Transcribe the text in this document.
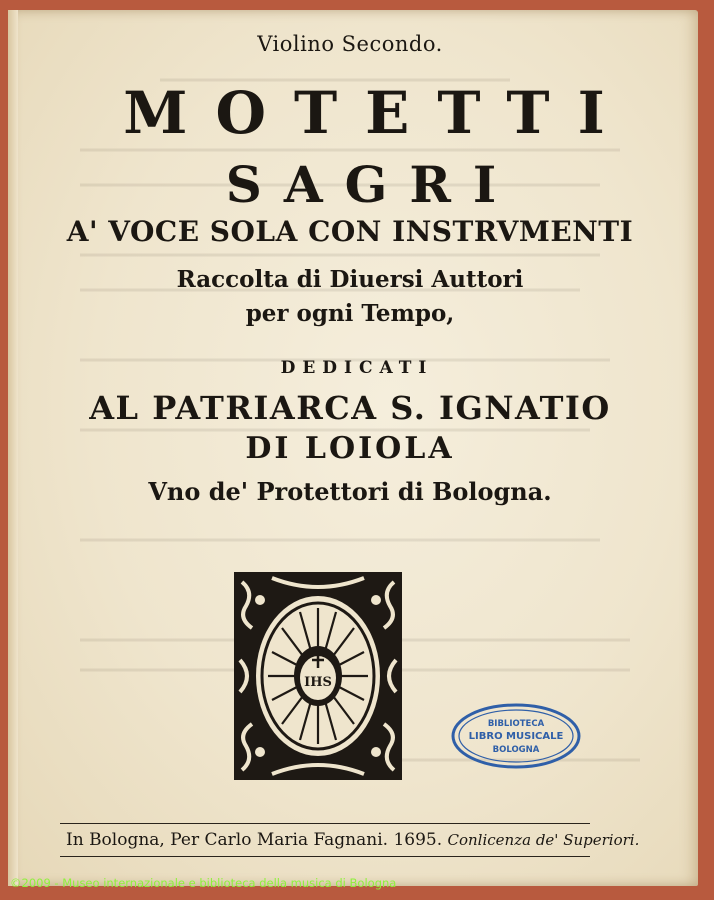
Violino Secondo.
MOTETTI
SAGRI
A' VOCE SOLA CON INSTRVMENTI
Raccolta di Diuersi Auttori
per ogni Tempo,
DEDICATI
AL PATRIARCA S. IGNATIO
DI LOIOLA
Vno de' Protettori di Bologna.
IHS
BIBLIOTECA
LIBRO MUSICALE
BOLOGNA
In Bologna, Per Carlo Maria Fagnani. 1695. Conlicenza de' Superiori.
©2009 - Museo internazionale e biblioteca della musica di Bologna
